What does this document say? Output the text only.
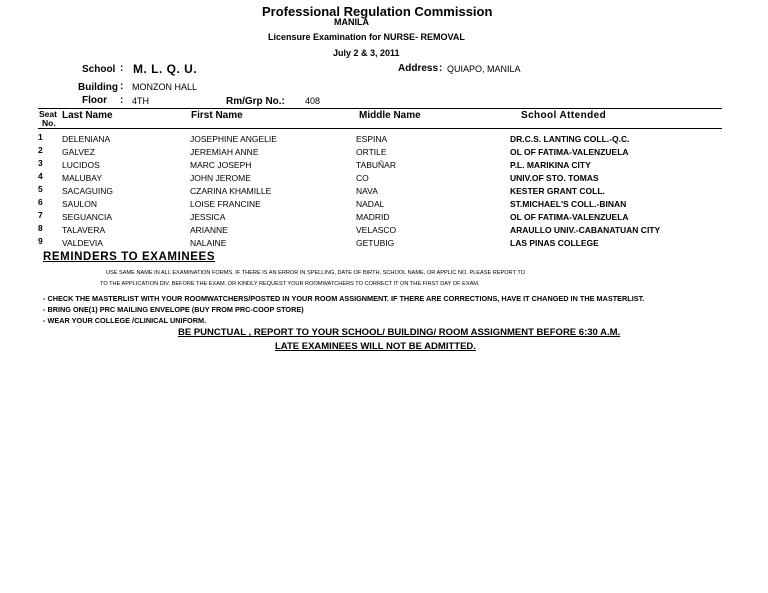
Professional Regulation Commission
MANILA
Licensure Examination for NURSE- REMOVAL
July 2 & 3, 2011
School : M. L. Q. U.	Address : QUIAPO, MANILA
Building : MONZON HALL
Floor : 4TH	Rm/Grp No.: 408
Seat
No.
Last Name	First Name	Middle Name	School Attended
1 DELENIANA	JOSEPHINE ANGELIE	ESPINA	DR.C.S. LANTING COLL.-Q.C.
2 GALVEZ	JEREMIAH ANNE	ORTILE	OL OF FATIMA-VALENZUELA
3 LUCIDOS	MARC JOSEPH	TABUÑAR	P.L. MARIKINA CITY
4 MALUBAY	JOHN JEROME	CO	UNIV.OF STO. TOMAS
5 SACAGUING	CZARINA KHAMILLE	NAVA	KESTER GRANT COLL.
6 SAULON	LOISE FRANCINE	NADAL	ST.MICHAEL'S COLL.-BINAN
7 SEGUANCIA	JESSICA	MADRID	OL OF FATIMA-VALENZUELA
8 TALAVERA	ARIANNE	VELASCO	ARAULLO UNIV.-CABANATUAN CITY
9 VALDEVIA	NALAINE	GETUBIG	LAS PINAS COLLEGE
REMINDERS TO EXAMINEES
USE SAME NAME IN ALL EXAMINATION FORMS. IF THERE IS AN ERROR IN SPELLING, DATE OF BIRTH, SCHOOL NAME, OR APPLIC NO. PLEASE REPORT TO
TO THE APPLICATION DIV. BEFORE THE EXAM. OR KINDLY REQUEST YOUR ROOMWATCHERS TO CORRECT IT ON THE FIRST DAY OF EXAM.
- CHECK THE MASTERLIST WITH YOUR ROOMWATCHERS/POSTED IN YOUR ROOM ASSIGNMENT. IF THERE ARE CORRECTIONS, HAVE IT CHANGED IN THE MASTERLIST.
- BRING ONE(1) PRC MAILING ENVELOPE (BUY FROM PRC-COOP STORE)
- WEAR YOUR COLLEGE /CLINICAL UNIFORM.
BE PUNCTUAL , REPORT TO YOUR SCHOOL/ BUILDING/ ROOM ASSIGNMENT BEFORE 6:30 A.M.
LATE EXAMINEES WILL NOT BE ADMITTED.
